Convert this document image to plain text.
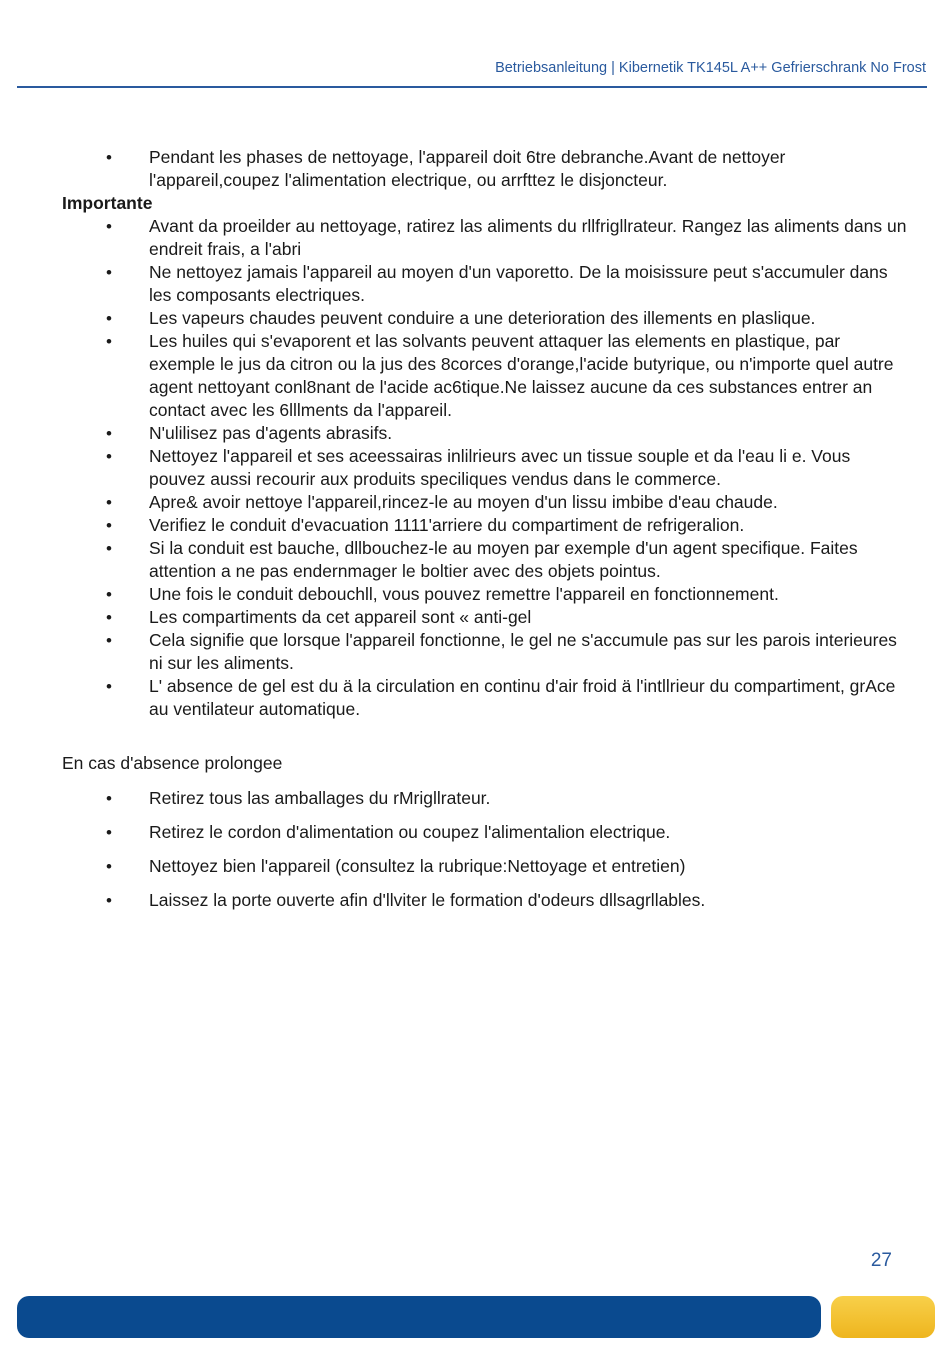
Betriebsanleitung | Kibernetik TK145L A++ Gefrierschrank No Frost
• Pendant les phases de nettoyage, l'appareil doit 6tre debranche.Avant de nettoyer l'appareil,coupez l'alimentation electrique, ou arrfttez le disjoncteur.

Importante

• Avant da proeilder au nettoyage, ratirez las aliments du rllfrigllrateur. Rangez las aliments dans un endreit frais, a l'abri
• Ne nettoyez jamais l'appareil au moyen d'un vaporetto. De la moisissure peut s'accumuler dans les composants electriques.
• Les vapeurs chaudes peuvent conduire a une deterioration des illements en plaslique.
• Les huiles qui s'evaporent et las solvants peuvent attaquer las elements en plastique, par exemple le jus da citron ou la jus des 8corces d'orange,l'acide butyrique, ou n'importe quel autre agent nettoyant conl8nant de l'acide ac6tique.Ne laissez aucune da ces substances entrer an contact avec les 6lllments da l'appareil.
• N'ulilisez pas d'agents abrasifs.
• Nettoyez l'appareil et ses aceessairas inlilrieurs avec un tissue souple et da l'eau li e. Vous pouvez aussi recourir aux produits speciliques vendus dans le commerce.
• Apre& avoir nettoye l'appareil,rincez-le au moyen d'un lissu imbibe d'eau chaude.
• Verifiez le conduit d'evacuation 1111'arriere du compartiment de refrigeralion.
• Si la conduit est bauche, dllbouchez-le au moyen par exemple d'un agent specifique. Faites attention a ne pas endernmager le boltier avec des objets pointus.
• Une fois le conduit debouchll, vous pouvez remettre l'appareil en fonctionnement.
• Les compartiments da cet appareil sont « anti-gel
• Cela signifie que lorsque l'appareil fonctionne, le gel ne s'accumule pas sur les parois interieures ni sur les aliments.
• L' absence de gel est du ä la circulation en continu d'air froid ä l'intllrieur du compartiment, grAce au ventilateur automatique.

En cas d'absence prolongee

• Retirez tous las amballages du rMrigllrateur.
• Retirez le cordon d'alimentation ou coupez l'alimentalion electrique.
• Nettoyez bien l'appareil (consultez la rubrique:Nettoyage et entretien)
• Laissez la porte ouverte afin d'llviter le formation d'odeurs dllsagrllables.
27
